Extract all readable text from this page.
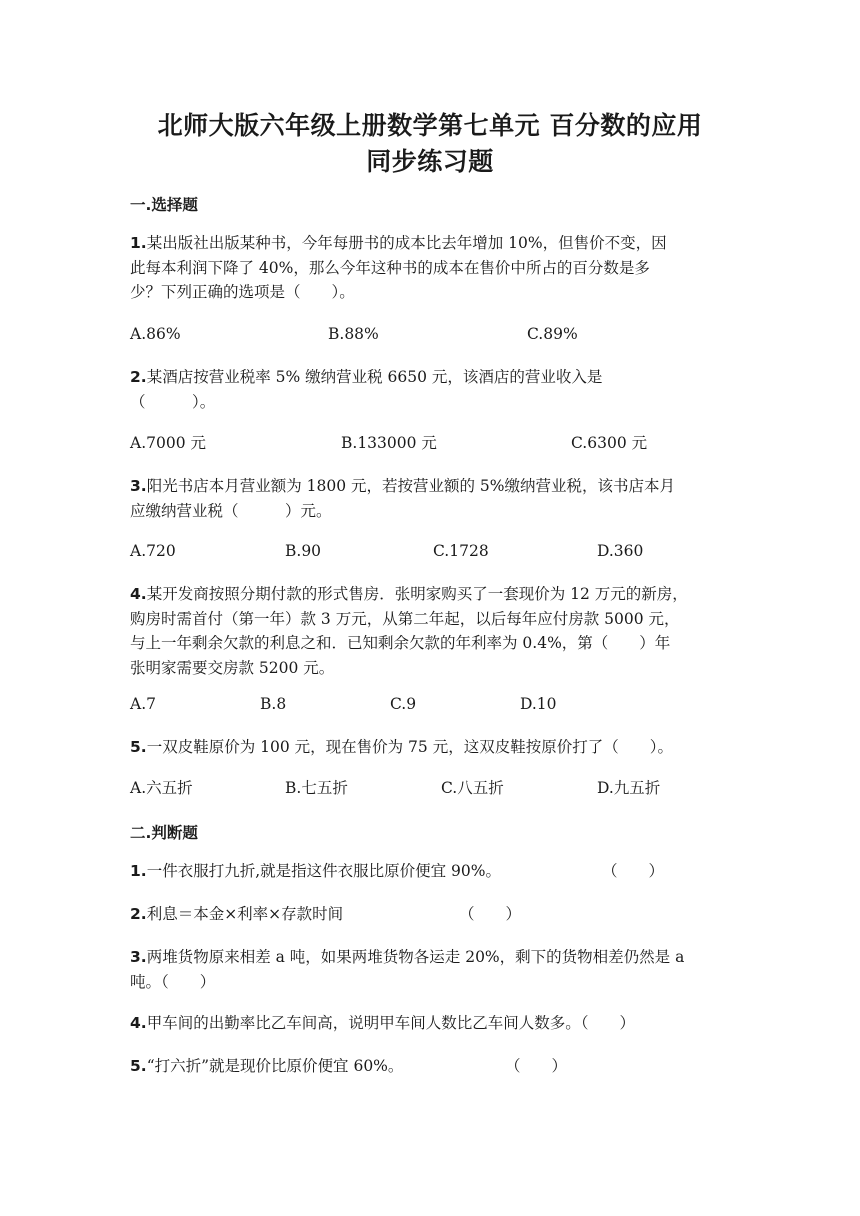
北师大版六年级上册数学第七单元 百分数的应用
同步练习题
一.选择题
1.某出版社出版某种书，今年每册书的成本比去年增加 10%，但售价不变，因
此每本利润下降了 40%，那么今年这种书的成本在售价中所占的百分数是多
少？下列正确的选项是（　　）。
A.86%	B.88%	C.89%
2.某酒店按营业税率 5% 缴纳营业税 6650 元，该酒店的营业收入是
（　　　）。
A.7000 元	B.133000 元	C.6300 元
3.阳光书店本月营业额为 1800 元，若按营业额的 5%缴纳营业税，该书店本月
应缴纳营业税（　　　）元。
A.720	B.90	C.1728	D.360
4.某开发商按照分期付款的形式售房．张明家购买了一套现价为 12 万元的新房，
购房时需首付（第一年）款 3 万元，从第二年起，以后每年应付房款 5000 元，
与上一年剩余欠款的利息之和．已知剩余欠款的年利率为 0.4%，第（　　）年
张明家需要交房款 5200 元。
A.7	B.8	C.9	D.10
5.一双皮鞋原价为 100 元，现在售价为 75 元，这双皮鞋按原价打了（　　）。
A.六五折	B.七五折	C.八五折	D.九五折
二.判断题
1.一件衣服打九折,就是指这件衣服比原价便宜 90%。	（　　）
2.利息＝本金×利率×存款时间	（　　）
3.两堆货物原来相差 a 吨，如果两堆货物各运走 20%，剩下的货物相差仍然是 a
吨。（　　）
4.甲车间的出勤率比乙车间高，说明甲车间人数比乙车间人数多。（　　）
5.“打六折”就是现价比原价便宜 60%。	（　　）
